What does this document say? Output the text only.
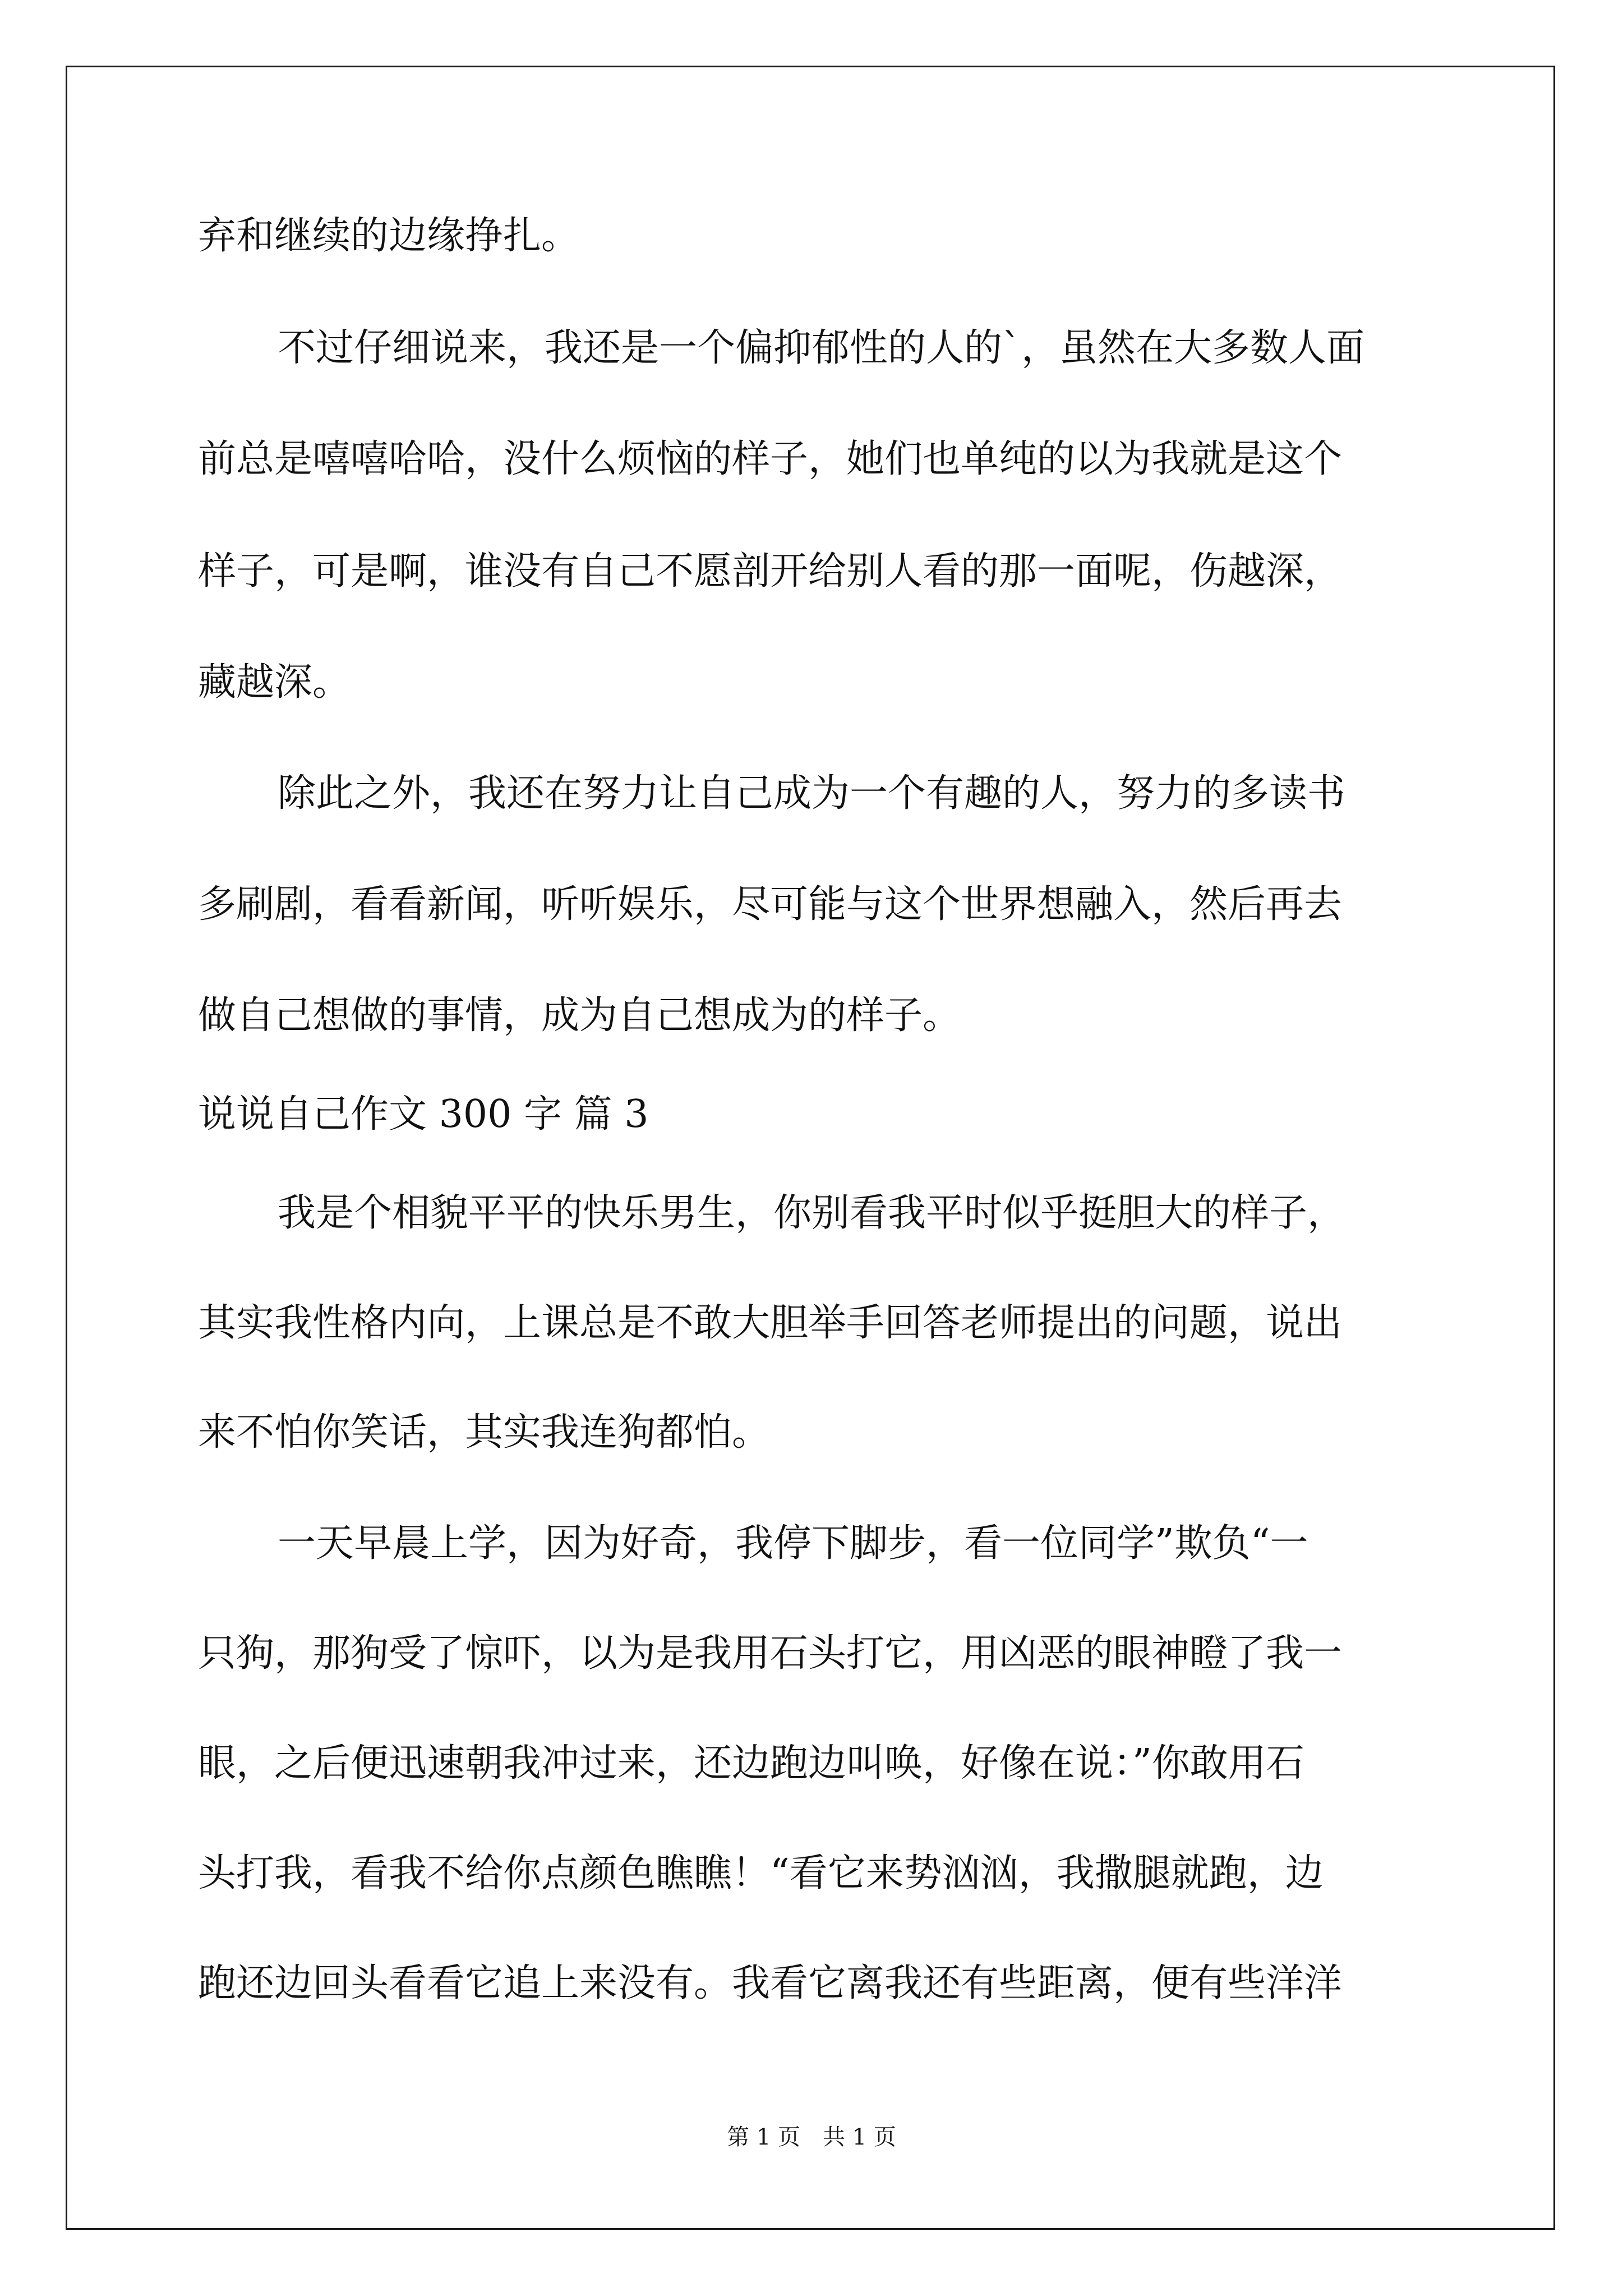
弃和继续的边缘挣扎。
不过仔细说来，我还是一个偏抑郁性的人的`，虽然在大多数人面
前总是嘻嘻哈哈，没什么烦恼的样子，她们也单纯的以为我就是这个
样子，可是啊，谁没有自己不愿剖开给别人看的那一面呢，伤越深，
藏越深。
除此之外，我还在努力让自己成为一个有趣的人，努力的多读书
多刷剧，看看新闻，听听娱乐，尽可能与这个世界想融入，然后再去
做自己想做的事情，成为自己想成为的样子。
说说自己作文 300 字 篇 3
我是个相貌平平的快乐男生，你别看我平时似乎挺胆大的样子，
其实我性格内向，上课总是不敢大胆举手回答老师提出的问题，说出
来不怕你笑话，其实我连狗都怕。
一天早晨上学，因为好奇，我停下脚步，看一位同学”欺负“一
只狗，那狗受了惊吓，以为是我用石头打它，用凶恶的眼神瞪了我一
眼，之后便迅速朝我冲过来，还边跑边叫唤，好像在说：”你敢用石
头打我，看我不给你点颜色瞧瞧！“看它来势汹汹，我撒腿就跑，边
跑还边回头看看它追上来没有。我看它离我还有些距离，便有些洋洋
第 1 页 共 1 页
